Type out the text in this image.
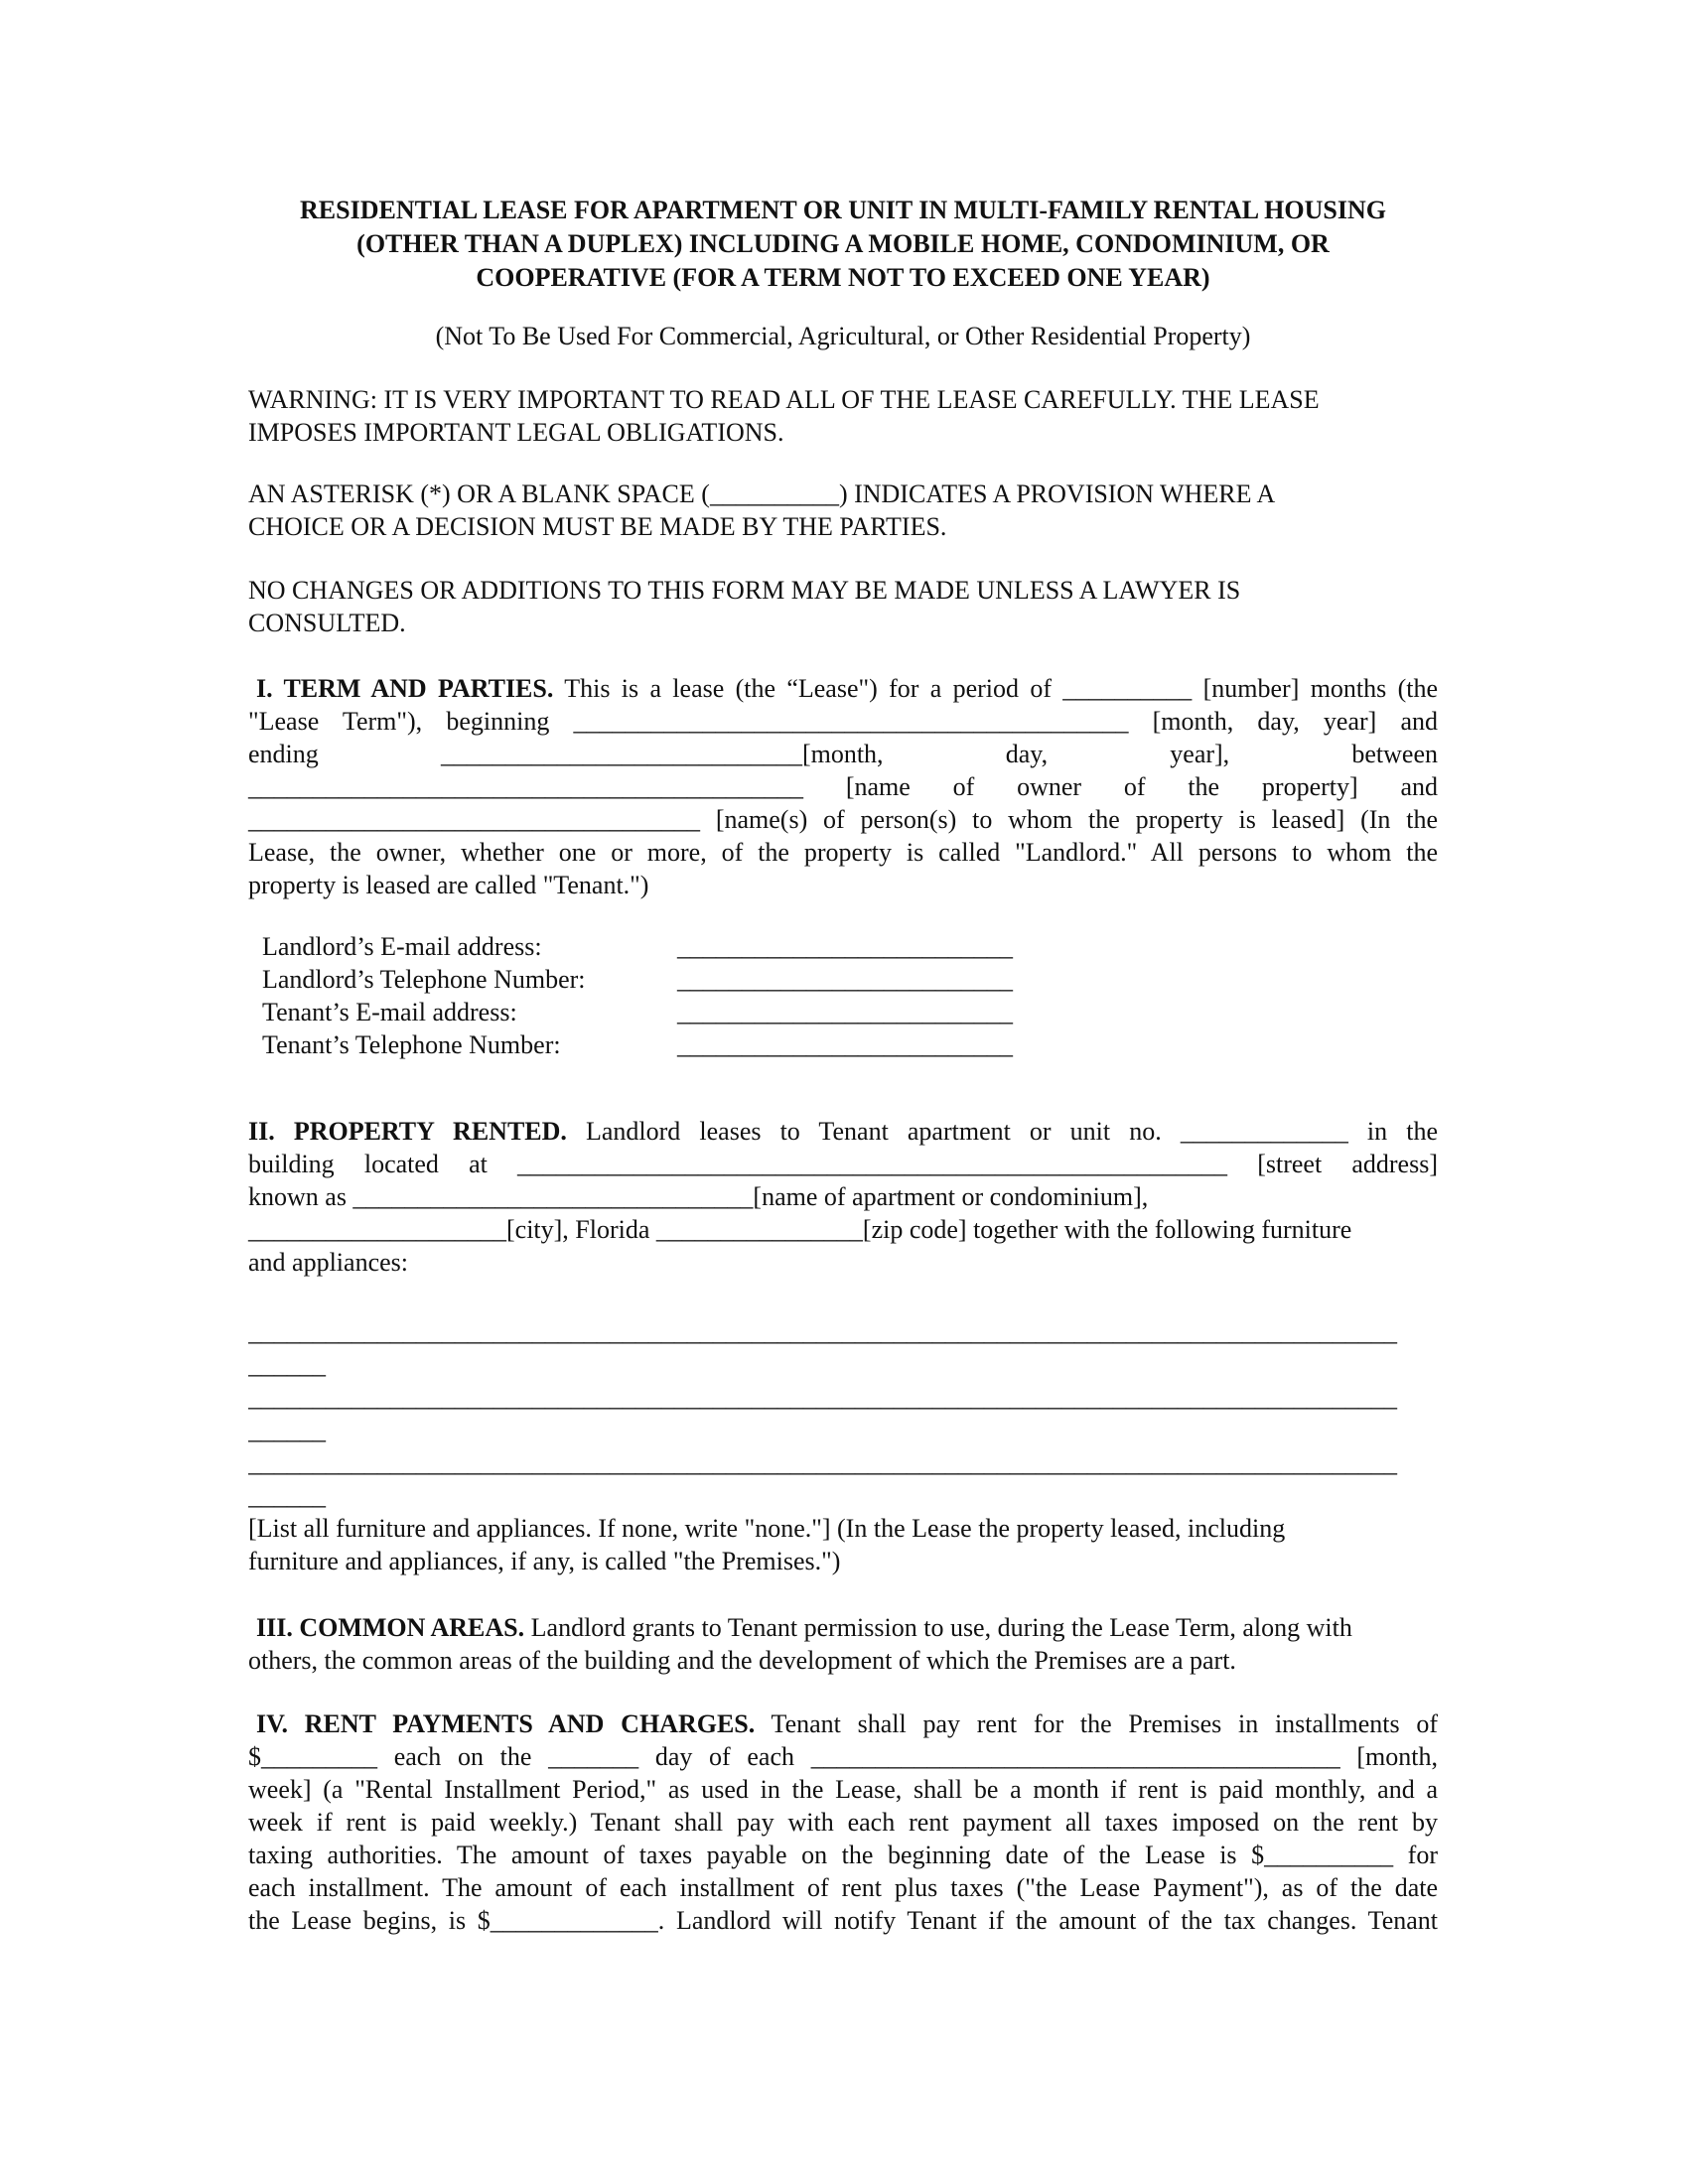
RESIDENTIAL LEASE FOR APARTMENT OR UNIT IN MULTI-FAMILY RENTAL HOUSING
(OTHER THAN A DUPLEX) INCLUDING A MOBILE HOME, CONDOMINIUM, OR
COOPERATIVE (FOR A TERM NOT TO EXCEED ONE YEAR)

(Not To Be Used For Commercial, Agricultural, or Other Residential Property)

WARNING: IT IS VERY IMPORTANT TO READ ALL OF THE LEASE CAREFULLY. THE LEASE
IMPOSES IMPORTANT LEGAL OBLIGATIONS.
AN ASTERISK (*) OR A BLANK SPACE (__________) INDICATES A PROVISION WHERE A
CHOICE OR A DECISION MUST BE MADE BY THE PARTIES.
NO CHANGES OR ADDITIONS TO THIS FORM MAY BE MADE UNLESS A LAWYER IS
CONSULTED.
I. TERM AND PARTIES. This is a lease (the “Lease") for a period of __________ [number] months (the
"Lease Term"), beginning ___________________________________________ [month, day, year] and
ending ____________________________[month, day, year], between
___________________________________________ [name of owner of the property] and
___________________________________ [name(s) of person(s) to whom the property is leased] (In the
Lease, the owner, whether one or more, of the property is called "Landlord." All persons to whom the
property is leased are called "Tenant.")
Landlord’s E-mail address:	__________________________
Landlord’s Telephone Number:	__________________________
Tenant’s E-mail address:	__________________________
Tenant’s Telephone Number:	__________________________
II. PROPERTY RENTED. Landlord leases to Tenant apartment or unit no. _____________ in the
building located at _______________________________________________________ [street address]
known as _______________________________[name of apartment or condominium],
____________________[city], Florida ________________[zip code] together with the following furniture
and appliances:
_________________________________________________________________________________________
______
_________________________________________________________________________________________
______
_________________________________________________________________________________________
______
[List all furniture and appliances. If none, write "none."] (In the Lease the property leased, including
furniture and appliances, if any, is called "the Premises.")
III. COMMON AREAS. Landlord grants to Tenant permission to use, during the Lease Term, along with
others, the common areas of the building and the development of which the Premises are a part.
IV. RENT PAYMENTS AND CHARGES. Tenant shall pay rent for the Premises in installments of
$_________ each on the _______ day of each _________________________________________ [month,
week] (a "Rental Installment Period," as used in the Lease, shall be a month if rent is paid monthly, and a
week if rent is paid weekly.) Tenant shall pay with each rent payment all taxes imposed on the rent by
taxing authorities. The amount of taxes payable on the beginning date of the Lease is $__________ for
each installment. The amount of each installment of rent plus taxes ("the Lease Payment"), as of the date
the Lease begins, is $_____________. Landlord will notify Tenant if the amount of the tax changes. Tenant
